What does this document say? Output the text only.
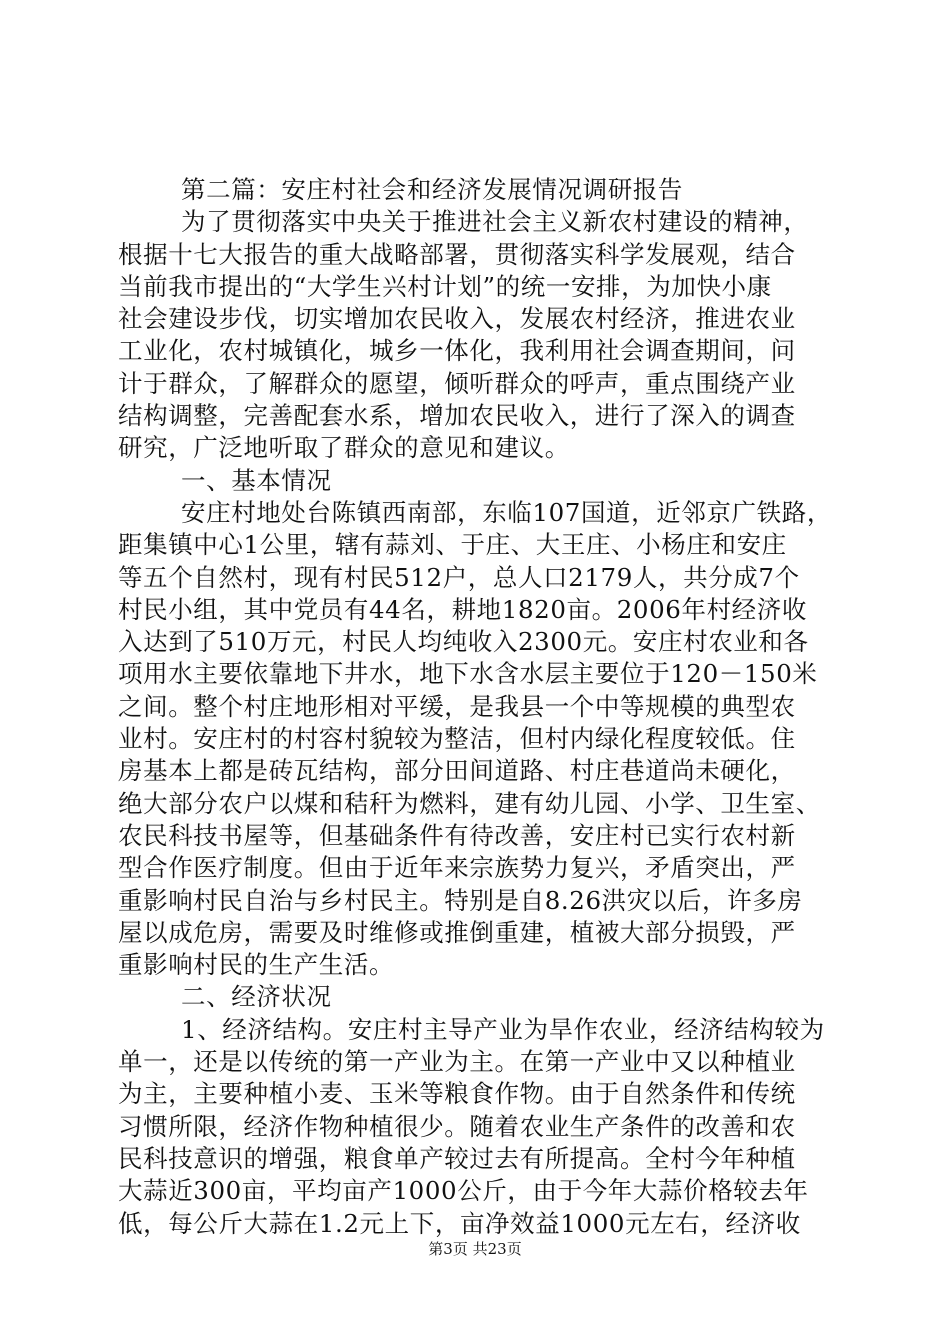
第二篇：安庄村社会和经济发展情况调研报告
为了贯彻落实中央关于推进社会主义新农村建设的精神，
根据十七大报告的重大战略部署，贯彻落实科学发展观，结合
当前我市提出的“大学生兴村计划”的统一安排，为加快小康
社会建设步伐，切实增加农民收入，发展农村经济，推进农业
工业化，农村城镇化，城乡一体化，我利用社会调查期间，问
计于群众，了解群众的愿望，倾听群众的呼声，重点围绕产业
结构调整，完善配套水系，增加农民收入，进行了深入的调查
研究，广泛地听取了群众的意见和建议。
一、基本情况
安庄村地处台陈镇西南部，东临107国道，近邻京广铁路，
距集镇中心1公里，辖有蒜刘、于庄、大王庄、小杨庄和安庄
等五个自然村，现有村民512户，总人口2179人，共分成7个
村民小组，其中党员有44名，耕地1820亩。2006年村经济收
入达到了510万元，村民人均纯收入2300元。安庄村农业和各
项用水主要依靠地下井水，地下水含水层主要位于120－150米
之间。整个村庄地形相对平缓，是我县一个中等规模的典型农
业村。安庄村的村容村貌较为整洁，但村内绿化程度较低。住
房基本上都是砖瓦结构，部分田间道路、村庄巷道尚未硬化，
绝大部分农户以煤和秸秆为燃料，建有幼儿园、小学、卫生室、
农民科技书屋等，但基础条件有待改善，安庄村已实行农村新
型合作医疗制度。但由于近年来宗族势力复兴，矛盾突出，严
重影响村民自治与乡村民主。特别是自8.26洪灾以后，许多房
屋以成危房，需要及时维修或推倒重建，植被大部分损毁，严
重影响村民的生产生活。
二、经济状况
1、经济结构。安庄村主导产业为旱作农业，经济结构较为
单一，还是以传统的第一产业为主。在第一产业中又以种植业
为主，主要种植小麦、玉米等粮食作物。由于自然条件和传统
习惯所限，经济作物种植很少。随着农业生产条件的改善和农
民科技意识的增强，粮食单产较过去有所提高。全村今年种植
大蒜近300亩，平均亩产1000公斤，由于今年大蒜价格较去年
低，每公斤大蒜在1.2元上下，亩净效益1000元左右，经济收
第3页 共23页
